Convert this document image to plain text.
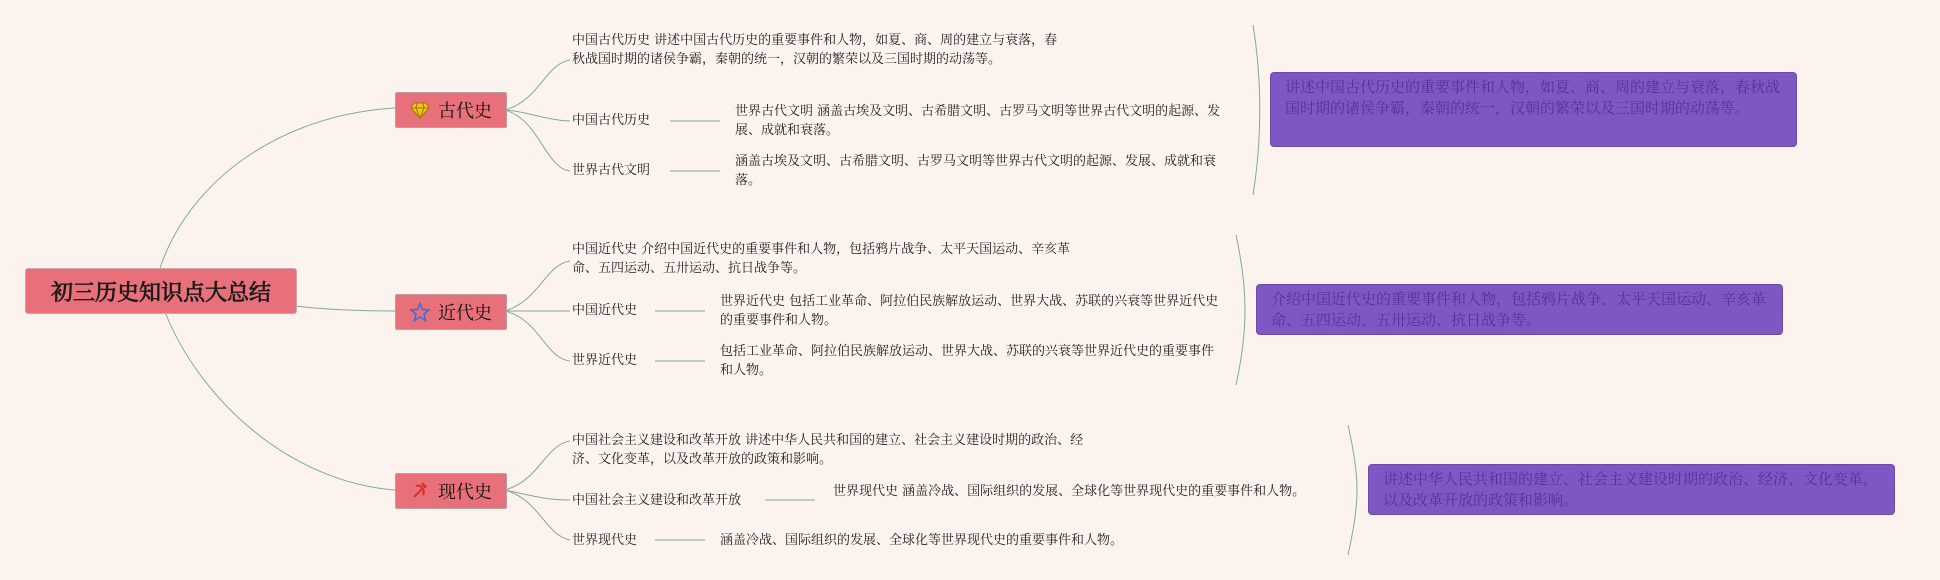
初三历史知识点大总结
古代史
中国古代历史 讲述中国古代历史的重要事件和人物，如夏、商、周的建立与衰落，春秋战国时期的诸侯争霸，秦朝的统一，汉朝的繁荣以及三国时期的动荡等。
中国古代历史
世界古代文明 涵盖古埃及文明、古希腊文明、古罗马文明等世界古代文明的起源、发展、成就和衰落。
世界古代文明
涵盖古埃及文明、古希腊文明、古罗马文明等世界古代文明的起源、发展、成就和衰落。
讲述中国古代历史的重要事件和人物，如夏、商、周的建立与衰落，春秋战国时期的诸侯争霸，秦朝的统一，汉朝的繁荣以及三国时期的动荡等。
近代史
中国近代史 介绍中国近代史的重要事件和人物，包括鸦片战争、太平天国运动、辛亥革命、五四运动、五卅运动、抗日战争等。
中国近代史
世界近代史 包括工业革命、阿拉伯民族解放运动、世界大战、苏联的兴衰等世界近代史的重要事件和人物。
世界近代史
包括工业革命、阿拉伯民族解放运动、世界大战、苏联的兴衰等世界近代史的重要事件和人物。
介绍中国近代史的重要事件和人物，包括鸦片战争、太平天国运动、辛亥革命、五四运动、五卅运动、抗日战争等。
现代史
中国社会主义建设和改革开放 讲述中华人民共和国的建立、社会主义建设时期的政治、经济、文化变革，以及改革开放的政策和影响。
中国社会主义建设和改革开放
世界现代史 涵盖冷战、国际组织的发展、全球化等世界现代史的重要事件和人物。
世界现代史	涵盖冷战、国际组织的发展、全球化等世界现代史的重要事件和人物。
讲述中华人民共和国的建立、社会主义建设时期的政治、经济、文化变革，以及改革开放的政策和影响。
